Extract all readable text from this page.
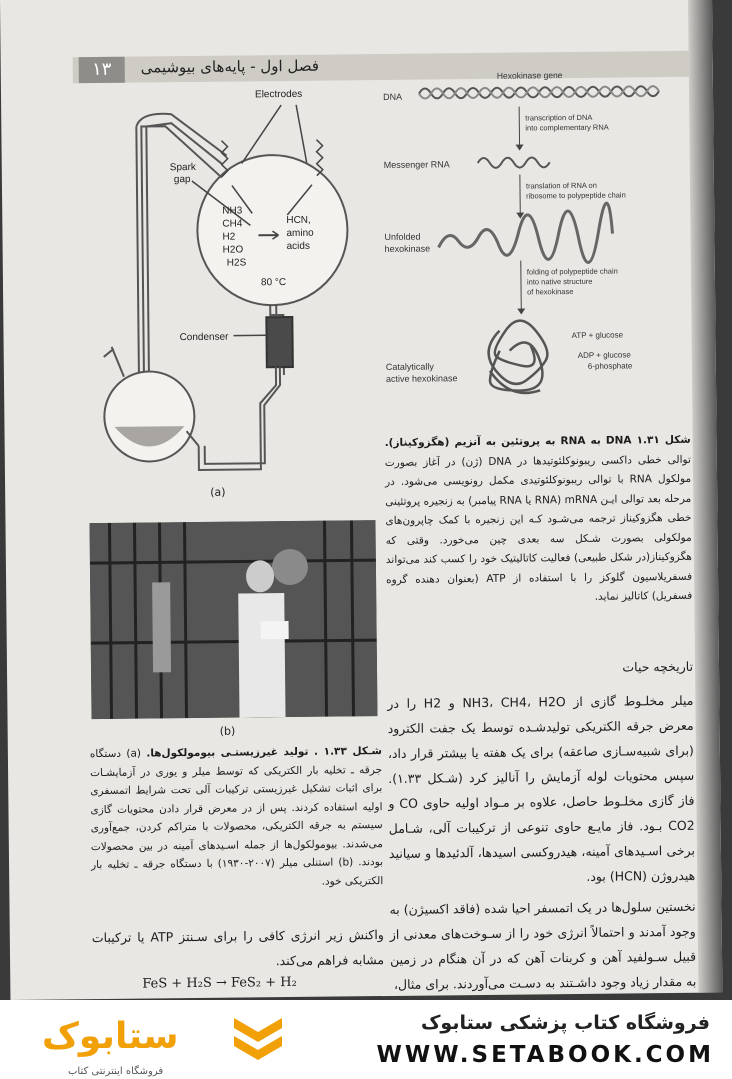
۱۳	فصل اول - پایه‌های بیوشیمی
Electrodes
Spark
gap
NH3
CH4
H2
H2O
H2S
HCN,
amino
acids
80 °C
Condenser
(a)
(b)
Hexokinase gene
DNA
transcription of DNA
into complementary RNA
Messenger RNA
translation of RNA on
ribosome to polypeptide chain
Unfolded
hexokinase
folding of polypeptide chain
into native structure
of hexokinase
ATP + glucose
ADP + glucose
6-phosphate
Catalytically
active hexokinase
شکل ۱.۳۱ DNA به RNA به پروتئین به آنزیم (هگزوکیناز). توالی خطی داکسی ریبونوکلئوتیدها در DNA (ژن) در آغاز بصورت مولکول RNA با توالی ریبونوکلئوتیدی مکمل رونویسی می‌شود. در مرحله بعد توالی ایـن mRNA (RNA یا RNA پیامبر) به زنجیره پروتئینی خطی هگزوکیناز ترجمه می‌شـود کـه این زنجیره با کمک چاپرون‌های مولکولی بصورت شـکل سه بعدی چین می‌خورد. وقتی که هگزوکیناز(در شکل طبیعی) فعالیت کاتالیتیک خود را کسب کند می‌تواند فسفریلاسیون گلوکز را با استفاده از ATP (بعنوان دهنده گروه فسفریل) کاتالیز نماید.
شـکل ۱.۳۳ . تولید غیرزیستـی بیومولکول‌ها. (a) دستگاه جرقه ـ تخلیه بار الکتریکی که توسط میلر و یوری در آزمایشـات برای اثبات تشکیل غیرزیستی ترکیبات آلی تحت شرایط اتمسفری اولیه استفاده کردند. پس از در معرض قرار دادن محتویات گازی سیستم به جرقه الکتریکی، محصولات با متراکم کردن، جمع‌آوری می‌شدند. بیومولکول‌ها از جمله اسـیدهای آمینه در بین محصولات بودند. (b) استنلی میلر (۲۰۰۷-۱۹۳۰) با دستگاه جرقه ـ تخلیه بار الکتریکی خود.
تاریخچه حیات

میلر مخلـوط گازی از NH3، CH4، H2O و H2 را در معرض جرقه الکتریکی تولیدشـده توسط یک جفت الکترود (برای شبیه‌سـازی صاعقه) برای یک هفته یا بیشتر قرار داد، سپس محتویات لوله آزمایش را آنالیز کرد (شـکل ۱.۳۳). فاز گازی مخلـوط حاصل، علاوه بر مـواد اولیه حاوی CO و CO2 بـود. فاز مایـع حاوی تنوعی از ترکیبات آلی، شـامل برخی اسـیدهای آمینه، هیدروکسی اسیدها، آلدئیدها و سیانید هیدروژن (HCN) بود.

نخستین سلول‌ها در یک اتمسفر احیا شده (فاقد اکسیژن) به وجود آمدند و احتمالاً انرژی خود را از سـوخت‌های معدنی از قبیل سـولفید آهن و کربنات آهن که در آن هنگام در زمین به مقدار زیاد وجود داشـتند به دسـت می‌آوردند. برای مثال،

واکنش زیر انرژی کافی را برای سـنتز ATP یا ترکیبات مشابه فراهم می‌کند.

FeS + H₂S → FeS₂ + H₂
ستابوک
فروشگاه اینترنتی کتاب
فروشگاه کتاب پزشکی ستابوک
WWW.SETABOOK.COM
